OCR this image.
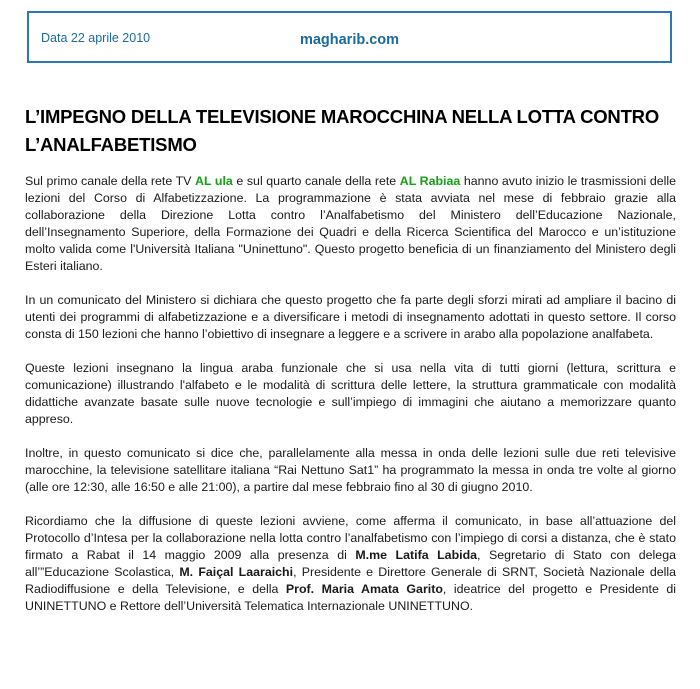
Data 22 aprile 2010	magharib.com
L’IMPEGNO DELLA TELEVISIONE MAROCCHINA NELLA LOTTA CONTRO L’ANALFABETISMO

Sul primo canale della rete TV AL ula e sul quarto canale della rete AL Rabiaa hanno avuto inizio le trasmissioni delle lezioni del Corso di Alfabetizzazione. La programmazione è stata avviata nel mese di febbraio grazie alla collaborazione della Direzione Lotta contro l’Analfabetismo del Ministero dell’Educazione Nazionale, dell’Insegnamento Superiore, della Formazione dei Quadri e della Ricerca Scientifica del Marocco e un’istituzione molto valida come l'Università Italiana "Uninettuno". Questo progetto beneficia di un finanziamento del Ministero degli Esteri italiano.

In un comunicato del Ministero si dichiara che questo progetto che fa parte degli sforzi mirati ad ampliare il bacino di utenti dei programmi di alfabetizzazione e a diversificare i metodi di insegnamento adottati in questo settore. Il corso consta di 150 lezioni che hanno l’obiettivo di insegnare a leggere e a scrivere in arabo alla popolazione analfabeta.

Queste lezioni insegnano la lingua araba funzionale che si usa nella vita di tutti giorni (lettura, scrittura e comunicazione) illustrando l'alfabeto e le modalità di scrittura delle lettere, la struttura grammaticale con modalità didattiche avanzate basate sulle nuove tecnologie e sull’impiego di immagini che aiutano a memorizzare quanto appreso.

Inoltre, in questo comunicato si dice che, parallelamente alla messa in onda delle lezioni sulle due reti televisive marocchine, la televisione satellitare italiana “Rai Nettuno Sat1” ha programmato la messa in onda tre volte al giorno (alle ore 12:30, alle 16:50 e alle 21:00), a partire dal mese febbraio fino al 30 di giugno 2010.

Ricordiamo che la diffusione di queste lezioni avviene, come afferma il comunicato, in base all’attuazione del Protocollo d’Intesa per la collaborazione nella lotta contro l’analfabetismo con l’impiego di corsi a distanza, che è stato firmato a Rabat il 14 maggio 2009 alla presenza di M.me Latifa Labida, Segretario di Stato con delega all’”Educazione Scolastica, M. Faiçal Laaraichi, Presidente e Direttore Generale di SRNT, Società Nazionale della Radiodiffusione e della Televisione, e della Prof. Maria Amata Garito, ideatrice del progetto e Presidente di UNINETTUNO e Rettore dell’Università Telematica Internazionale UNINETTUNO.
